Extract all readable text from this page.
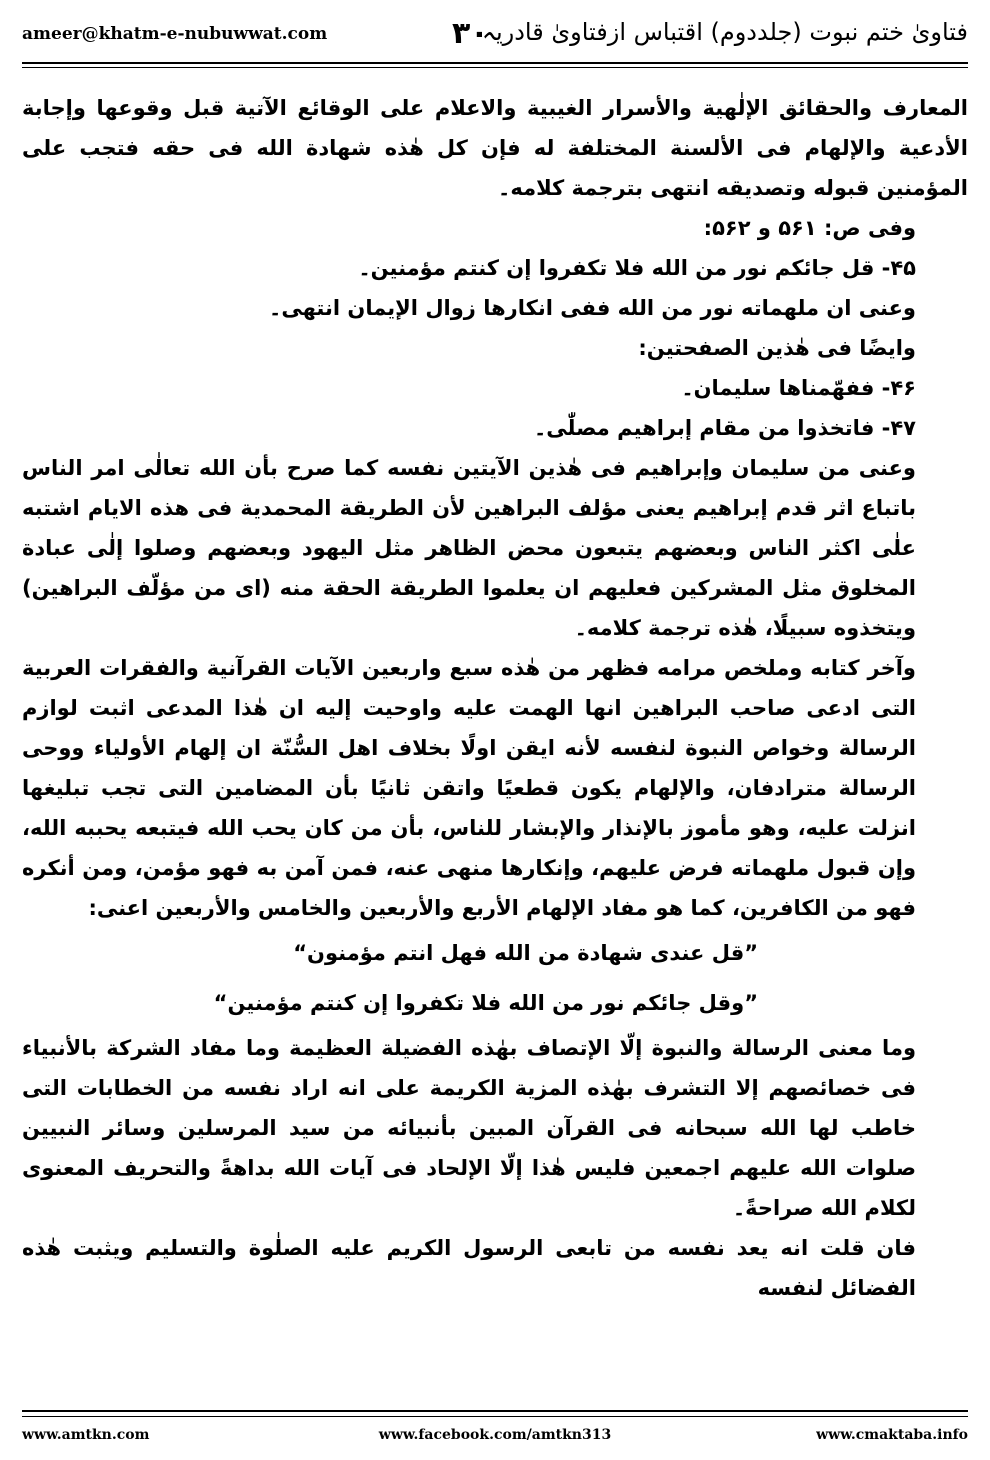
ameer@khatm-e-nubuwwat.com	۳۰
فتاویٰ ختم نبوت (جلددوم) اقتباس ازفتاویٰ قادریہ

المعارف والحقائق الإلٰھیة والأسرار الغیبیة والاعلام علی الوقائع الآتیة قبل وقوعها وإجابة الأدعیة والإلهام فی الألسنة المختلفة له فإن کل هٰذه شهادة الله فی حقه فتجب علی المؤمنین قبوله وتصدیقه انتهی بترجمة کلامه۔

وفی ص: ۵۶۱ و ۵۶۲:

۴۵- قل جائکم نور من الله فلا تکفروا إن کنتم مؤمنین۔

وعنی ان ملهماته نور من الله ففی انکارها زوال الإیمان انتهی۔

وایضًا فی هٰذین الصفحتین:

۴۶- ففهّمناها سلیمان۔

۴۷- فاتخذوا من مقام إبراهیم مصلّٰی۔

وعنی من سلیمان وإبراهیم فی هٰذین الآیتین نفسه کما صرح بأن الله تعالٰی امر الناس باتباع اثر قدم إبراهیم یعنی مؤلف البراهین لأن الطریقة المحمدیة فی هذه الایام اشتبه علٰی اکثر الناس وبعضهم یتبعون محض الظاهر مثل الیهود وبعضهم وصلوا إلٰی عبادة المخلوق مثل المشرکین فعلیهم ان یعلموا الطریقة الحقة منه (ای من مؤلّف البراهین) ویتخذوه سبیلًا، هٰذه ترجمة کلامه۔

وآخر کتابه وملخص مرامه فظهر من هٰذه سبع واربعین الآیات القرآنیة والفقرات العربیة التی ادعی صاحب البراهین انها الهمت علیه واوحیت إلیه ان هٰذا المدعی اثبت لوازم الرسالة وخواص النبوة لنفسه لأنه ایقن اولًا بخلاف اهل السُّنّة ان إلهام الأولیاء ووحی الرسالة مترادفان، والإلهام یکون قطعیًا واتقن ثانیًا بأن المضامین التی تجب تبلیغها انزلت علیه، وهو مأموز بالإنذار والإبشار للناس، بأن من کان یحب الله فیتبعه یحببه الله، وإن قبول ملهماته فرض علیهم، وإنکارها منهی عنه، فمن آمن به فهو مؤمن، ومن أنکره فهو من الکافرین، کما هو مفاد الإلهام الأربع والأربعین والخامس والأربعین اعنی:

”قل عندی شهادة من الله فهل انتم مؤمنون“

”وقل جائکم نور من الله فلا تکفروا إن کنتم مؤمنین“

وما معنی الرسالة والنبوة إلّا الإتصاف بهٰذه الفضیلة العظیمة وما مفاد الشرکة بالأنبیاء فی خصائصهم إلا التشرف بهٰذه المزیة الکریمة علی انه اراد نفسه من الخطابات التی خاطب لها الله سبحانه فی القرآن المبین بأنبیائه من سید المرسلین وسائر النبیین صلوات الله علیهم اجمعین فلیس هٰذا إلّا الإلحاد فی آیات الله بداهةً والتحریف المعنوی لکلام الله صراحةً۔

فان قلت انه یعد نفسه من تابعی الرسول الکریم علیه الصلٰوة والتسلیم ویثبت هٰذه الفضائل لنفسه

www.amtkn.com	www.facebook.com/amtkn313	www.cmaktaba.info
